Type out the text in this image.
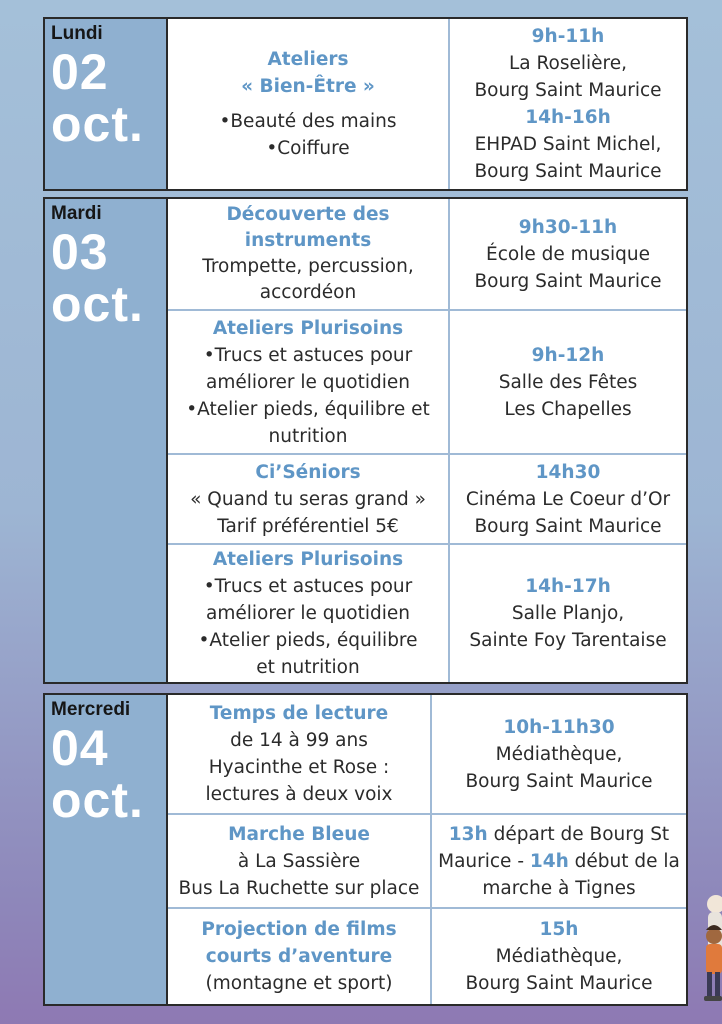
Lundi
02
oct.
Ateliers
« Bien-Être »
•Beauté des mains
•Coiffure
9h-11h
La Roselière,
Bourg Saint Maurice
14h-16h
EHPAD Saint Michel,
Bourg Saint Maurice
Mardi
03
oct.
Découverte des
instruments
Trompette, percussion,
accordéon
9h30-11h
École de musique
Bourg Saint Maurice
Ateliers Plurisoins
•Trucs et astuces pour
améliorer le quotidien
•Atelier pieds, équilibre et
nutrition
9h-12h
Salle des Fêtes
Les Chapelles
Ci’Séniors
« Quand tu seras grand »
Tarif préférentiel 5€
14h30
Cinéma Le Coeur d’Or
Bourg Saint Maurice
Ateliers Plurisoins
•Trucs et astuces pour
améliorer le quotidien
•Atelier pieds, équilibre
et nutrition
14h-17h
Salle Planjo,
Sainte Foy Tarentaise
Mercredi
04
oct.
Temps de lecture
de 14 à 99 ans
Hyacinthe et Rose :
lectures à deux voix
10h-11h30
Médiathèque,
Bourg Saint Maurice
Marche Bleue
à La Sassière
Bus La Ruchette sur place
13h départ de Bourg St
Maurice - 14h début de la
marche à Tignes
Projection de films
courts d’aventure
(montagne et sport)
15h
Médiathèque,
Bourg Saint Maurice
